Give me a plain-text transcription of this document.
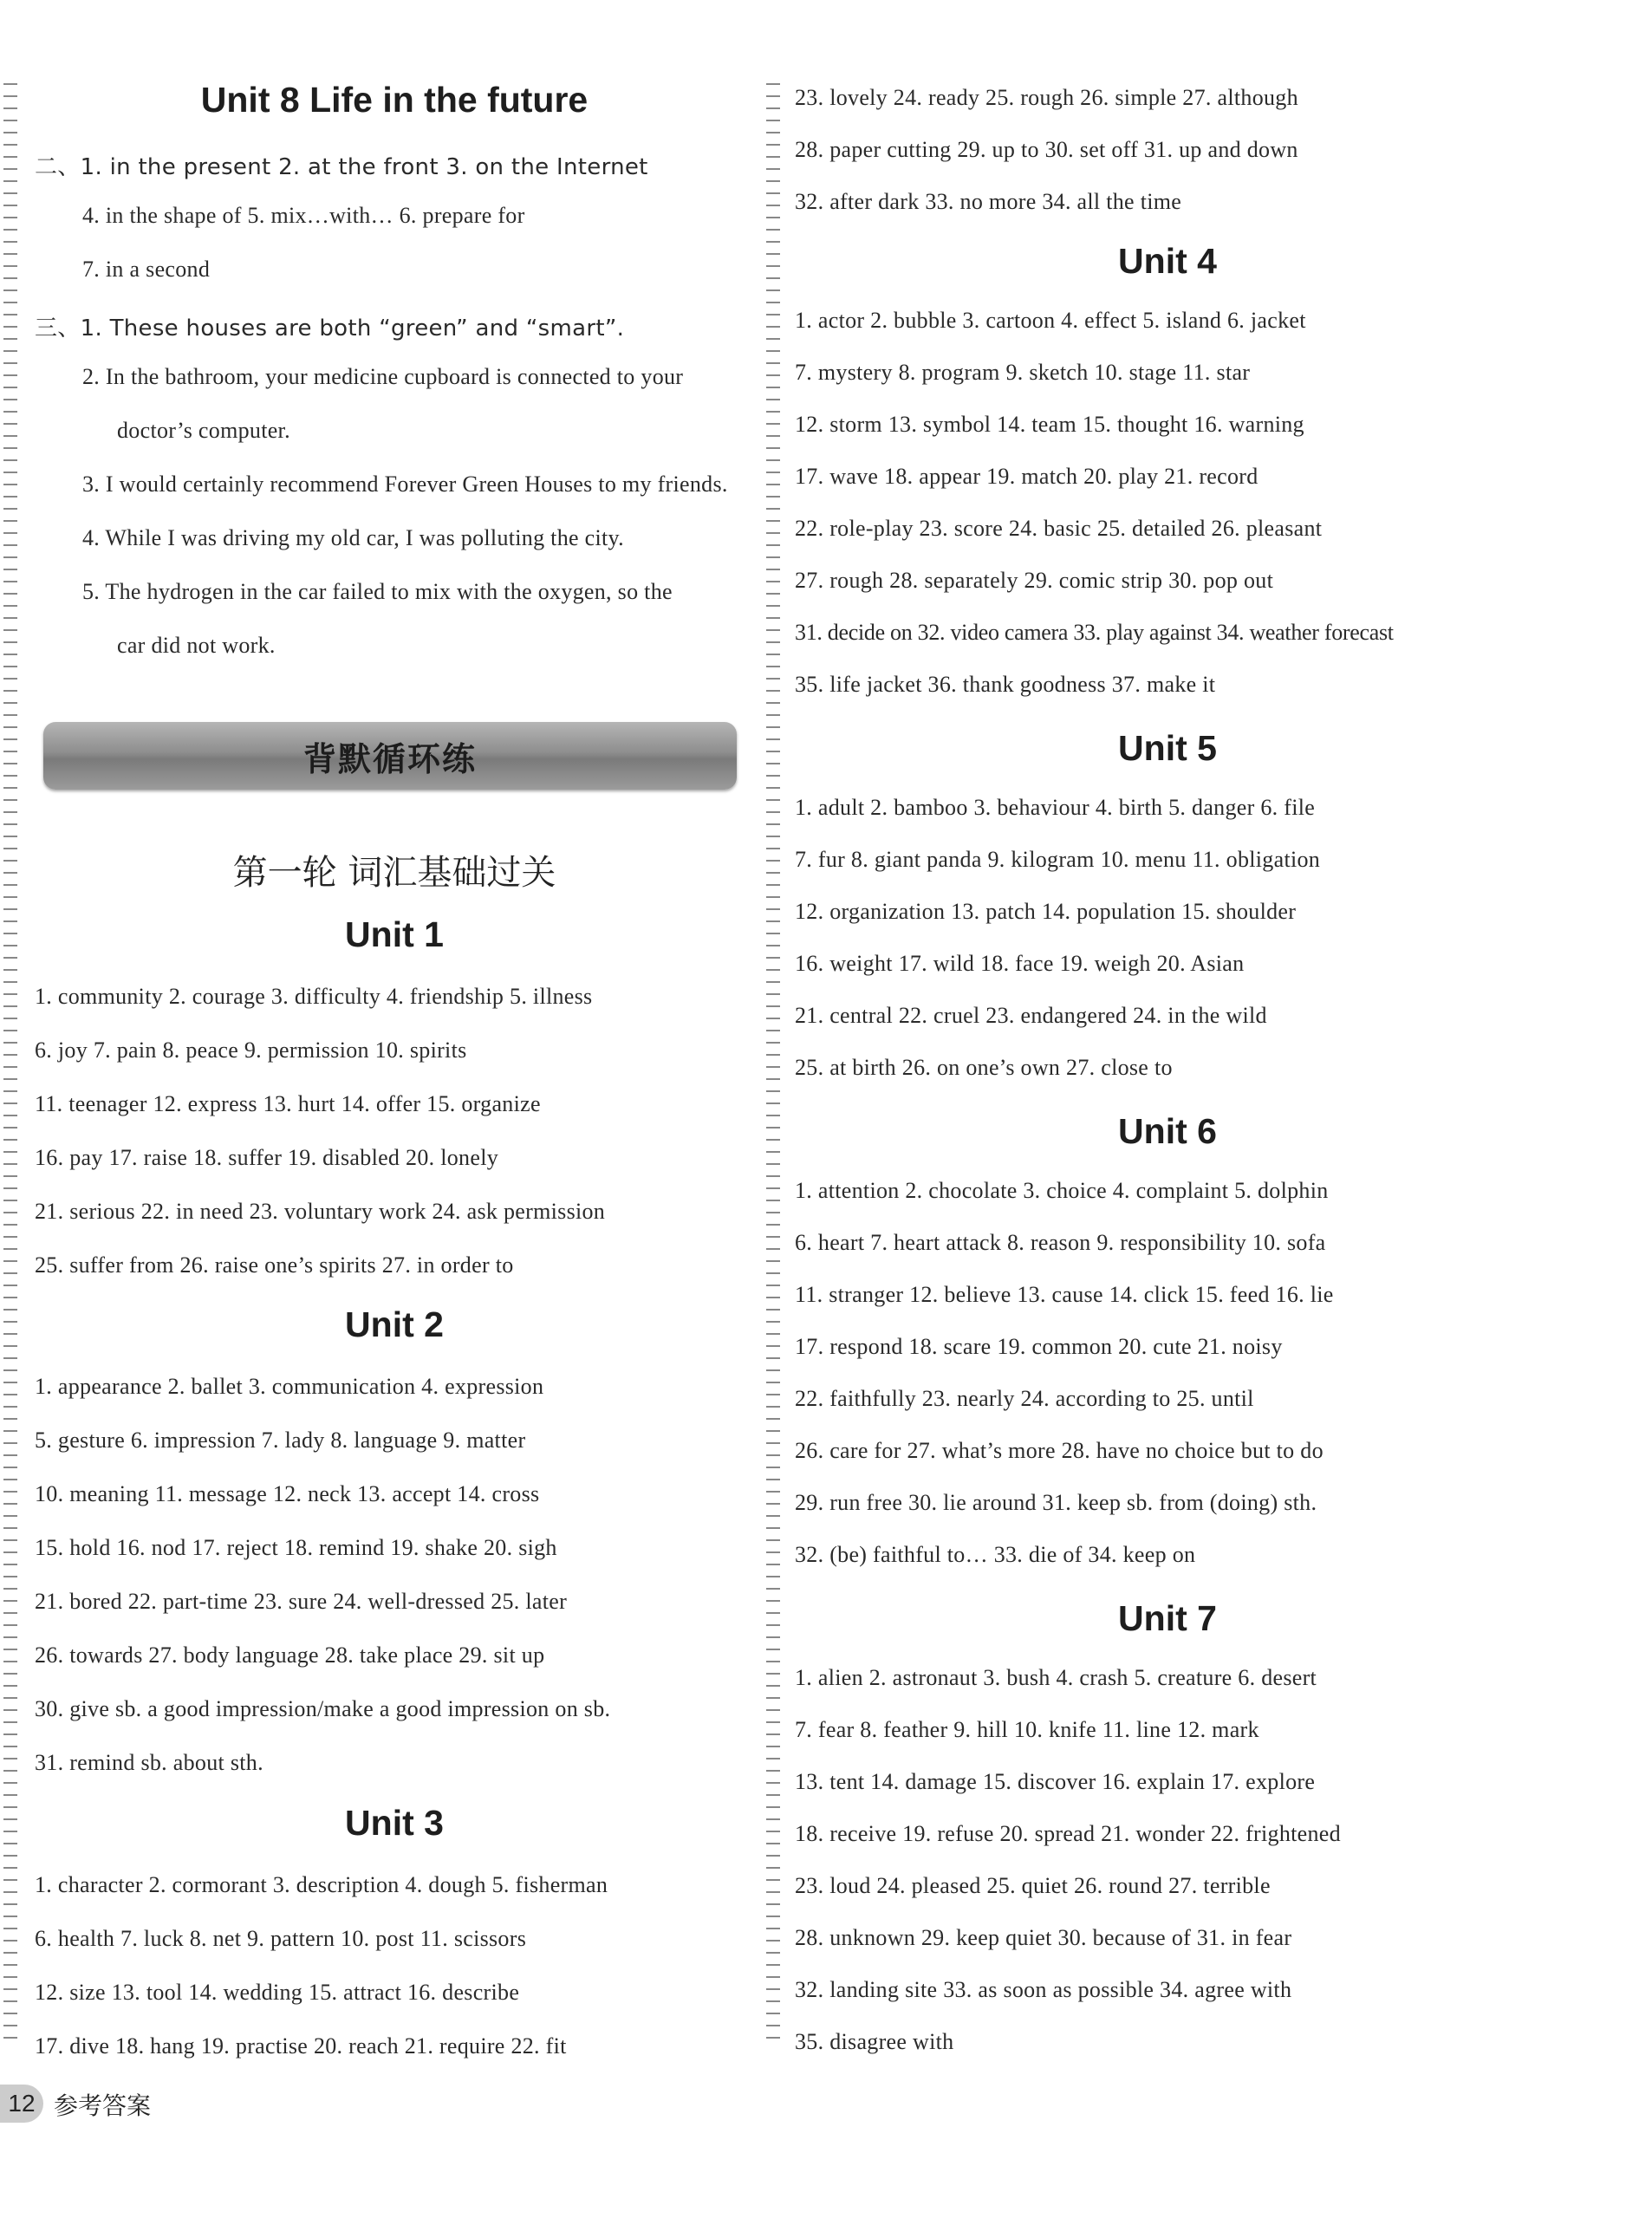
Unit 8 Life in the future
二、1. in the present 2. at the front 3. on the Internet
4. in the shape of 5. mix…with… 6. prepare for
7. in a second
三、1. These houses are both “green” and “smart”.
2. In the bathroom, your medicine cupboard is connected to your
doctor’s computer.
3. I would certainly recommend Forever Green Houses to my friends.
4. While I was driving my old car, I was polluting the city.
5. The hydrogen in the car failed to mix with the oxygen, so the
car did not work.
背默循环练
第一轮 词汇基础过关
Unit 1
1. community 2. courage 3. difficulty 4. friendship 5. illness
6. joy 7. pain 8. peace 9. permission 10. spirits
11. teenager 12. express 13. hurt 14. offer 15. organize
16. pay 17. raise 18. suffer 19. disabled 20. lonely
21. serious 22. in need 23. voluntary work 24. ask permission
25. suffer from 26. raise one’s spirits 27. in order to
Unit 2
1. appearance 2. ballet 3. communication 4. expression
5. gesture 6. impression 7. lady 8. language 9. matter
10. meaning 11. message 12. neck 13. accept 14. cross
15. hold 16. nod 17. reject 18. remind 19. shake 20. sigh
21. bored 22. part-time 23. sure 24. well-dressed 25. later
26. towards 27. body language 28. take place 29. sit up
30. give sb. a good impression/make a good impression on sb.
31. remind sb. about sth.
Unit 3
1. character 2. cormorant 3. description 4. dough 5. fisherman
6. health 7. luck 8. net 9. pattern 10. post 11. scissors
12. size 13. tool 14. wedding 15. attract 16. describe
17. dive 18. hang 19. practise 20. reach 21. require 22. fit
23. lovely 24. ready 25. rough 26. simple 27. although
28. paper cutting 29. up to 30. set off 31. up and down
32. after dark 33. no more 34. all the time
Unit 4
1. actor 2. bubble 3. cartoon 4. effect 5. island 6. jacket
7. mystery 8. program 9. sketch 10. stage 11. star
12. storm 13. symbol 14. team 15. thought 16. warning
17. wave 18. appear 19. match 20. play 21. record
22. role-play 23. score 24. basic 25. detailed 26. pleasant
27. rough 28. separately 29. comic strip 30. pop out
31. decide on 32. video camera 33. play against 34. weather forecast
35. life jacket 36. thank goodness 37. make it
Unit 5
1. adult 2. bamboo 3. behaviour 4. birth 5. danger 6. file
7. fur 8. giant panda 9. kilogram 10. menu 11. obligation
12. organization 13. patch 14. population 15. shoulder
16. weight 17. wild 18. face 19. weigh 20. Asian
21. central 22. cruel 23. endangered 24. in the wild
25. at birth 26. on one’s own 27. close to
Unit 6
1. attention 2. chocolate 3. choice 4. complaint 5. dolphin
6. heart 7. heart attack 8. reason 9. responsibility 10. sofa
11. stranger 12. believe 13. cause 14. click 15. feed 16. lie
17. respond 18. scare 19. common 20. cute 21. noisy
22. faithfully 23. nearly 24. according to 25. until
26. care for 27. what’s more 28. have no choice but to do
29. run free 30. lie around 31. keep sb. from (doing) sth.
32. (be) faithful to… 33. die of 34. keep on
Unit 7
1. alien 2. astronaut 3. bush 4. crash 5. creature 6. desert
7. fear 8. feather 9. hill 10. knife 11. line 12. mark
13. tent 14. damage 15. discover 16. explain 17. explore
18. receive 19. refuse 20. spread 21. wonder 22. frightened
23. loud 24. pleased 25. quiet 26. round 27. terrible
28. unknown 29. keep quiet 30. because of 31. in fear
32. landing site 33. as soon as possible 34. agree with
35. disagree with
12 参考答案
